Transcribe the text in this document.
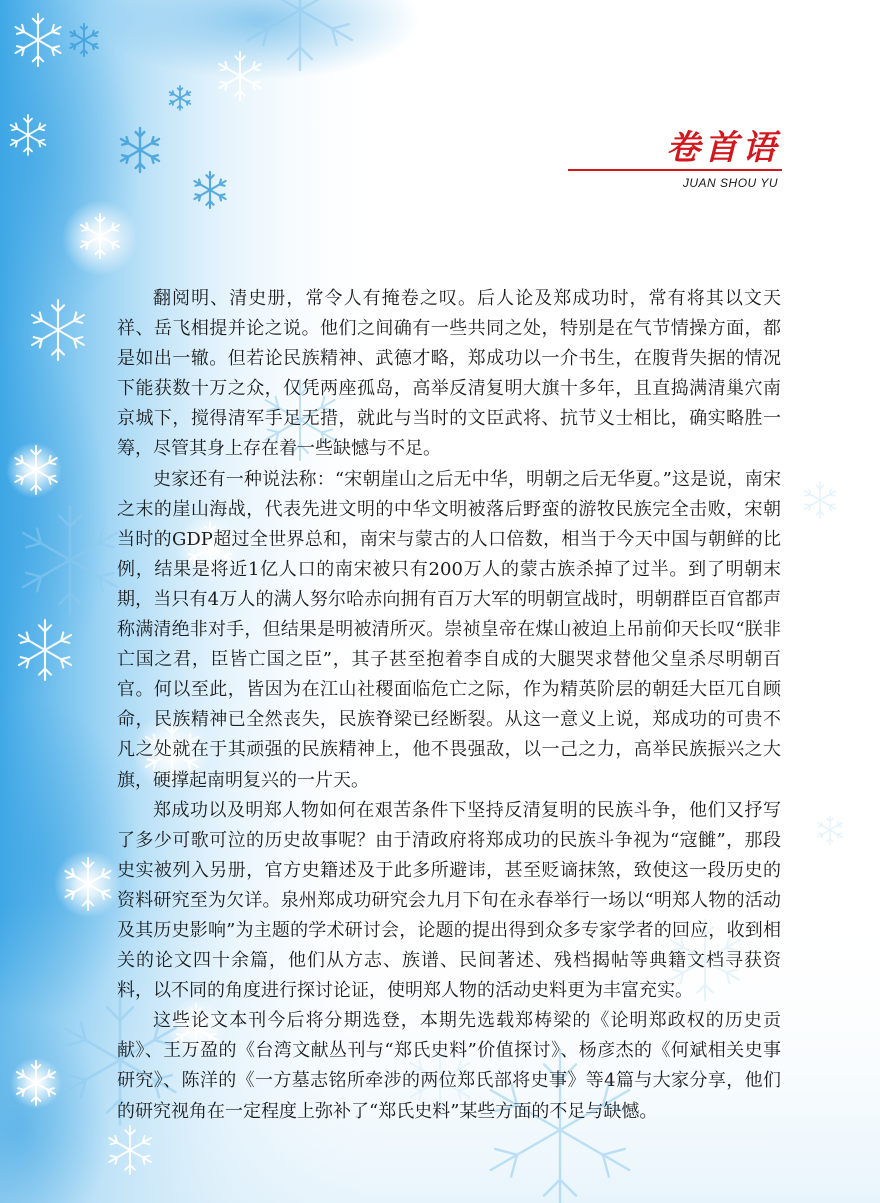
卷首语
JUAN SHOU YU

翻阅明、清史册，常令人有掩卷之叹。后人论及郑成功时，常有将其以文天祥、岳飞相提并论之说。他们之间确有一些共同之处，特别是在气节情操方面，都是如出一辙。但若论民族精神、武德才略，郑成功以一介书生，在腹背失据的情况下能获数十万之众，仅凭两座孤岛，高举反清复明大旗十多年，且直捣满清巢穴南京城下，搅得清军手足无措，就此与当时的文臣武将、抗节义士相比，确实略胜一筹，尽管其身上存在着一些缺憾与不足。

史家还有一种说法称：“宋朝崖山之后无中华，明朝之后无华夏。”这是说，南宋之末的崖山海战，代表先进文明的中华文明被落后野蛮的游牧民族完全击败，宋朝当时的GDP超过全世界总和，南宋与蒙古的人口倍数，相当于今天中国与朝鲜的比例，结果是将近1亿人口的南宋被只有200万人的蒙古族杀掉了过半。到了明朝末期，当只有4万人的满人努尔哈赤向拥有百万大军的明朝宣战时，明朝群臣百官都声称满清绝非对手，但结果是明被清所灭。崇祯皇帝在煤山被迫上吊前仰天长叹“朕非亡国之君，臣皆亡国之臣”，其子甚至抱着李自成的大腿哭求替他父皇杀尽明朝百官。何以至此，皆因为在江山社稷面临危亡之际，作为精英阶层的朝廷大臣兀自顾命，民族精神已全然丧失，民族脊梁已经断裂。从这一意义上说，郑成功的可贵不凡之处就在于其顽强的民族精神上，他不畏强敌，以一己之力，高举民族振兴之大旗，硬撑起南明复兴的一片天。

郑成功以及明郑人物如何在艰苦条件下坚持反清复明的民族斗争，他们又抒写了多少可歌可泣的历史故事呢？由于清政府将郑成功的民族斗争视为“寇雠”，那段史实被列入另册，官方史籍述及于此多所避讳，甚至贬谪抹煞，致使这一段历史的资料研究至为欠详。泉州郑成功研究会九月下旬在永春举行一场以“明郑人物的活动及其历史影响”为主题的学术研讨会，论题的提出得到众多专家学者的回应，收到相关的论文四十余篇，他们从方志、族谱、民间著述、残档揭帖等典籍文档寻获资料，以不同的角度进行探讨论证，使明郑人物的活动史料更为丰富充实。

这些论文本刊今后将分期选登，本期先选载郑梼梁的《论明郑政权的历史贡献》、王万盈的《台湾文献丛刊与“郑氏史料”价值探讨》、杨彦杰的《何斌相关史事研究》、陈洋的《一方墓志铭所牵涉的两位郑氏部将史事》等4篇与大家分享，他们的研究视角在一定程度上弥补了“郑氏史料”某些方面的不足与缺憾。
